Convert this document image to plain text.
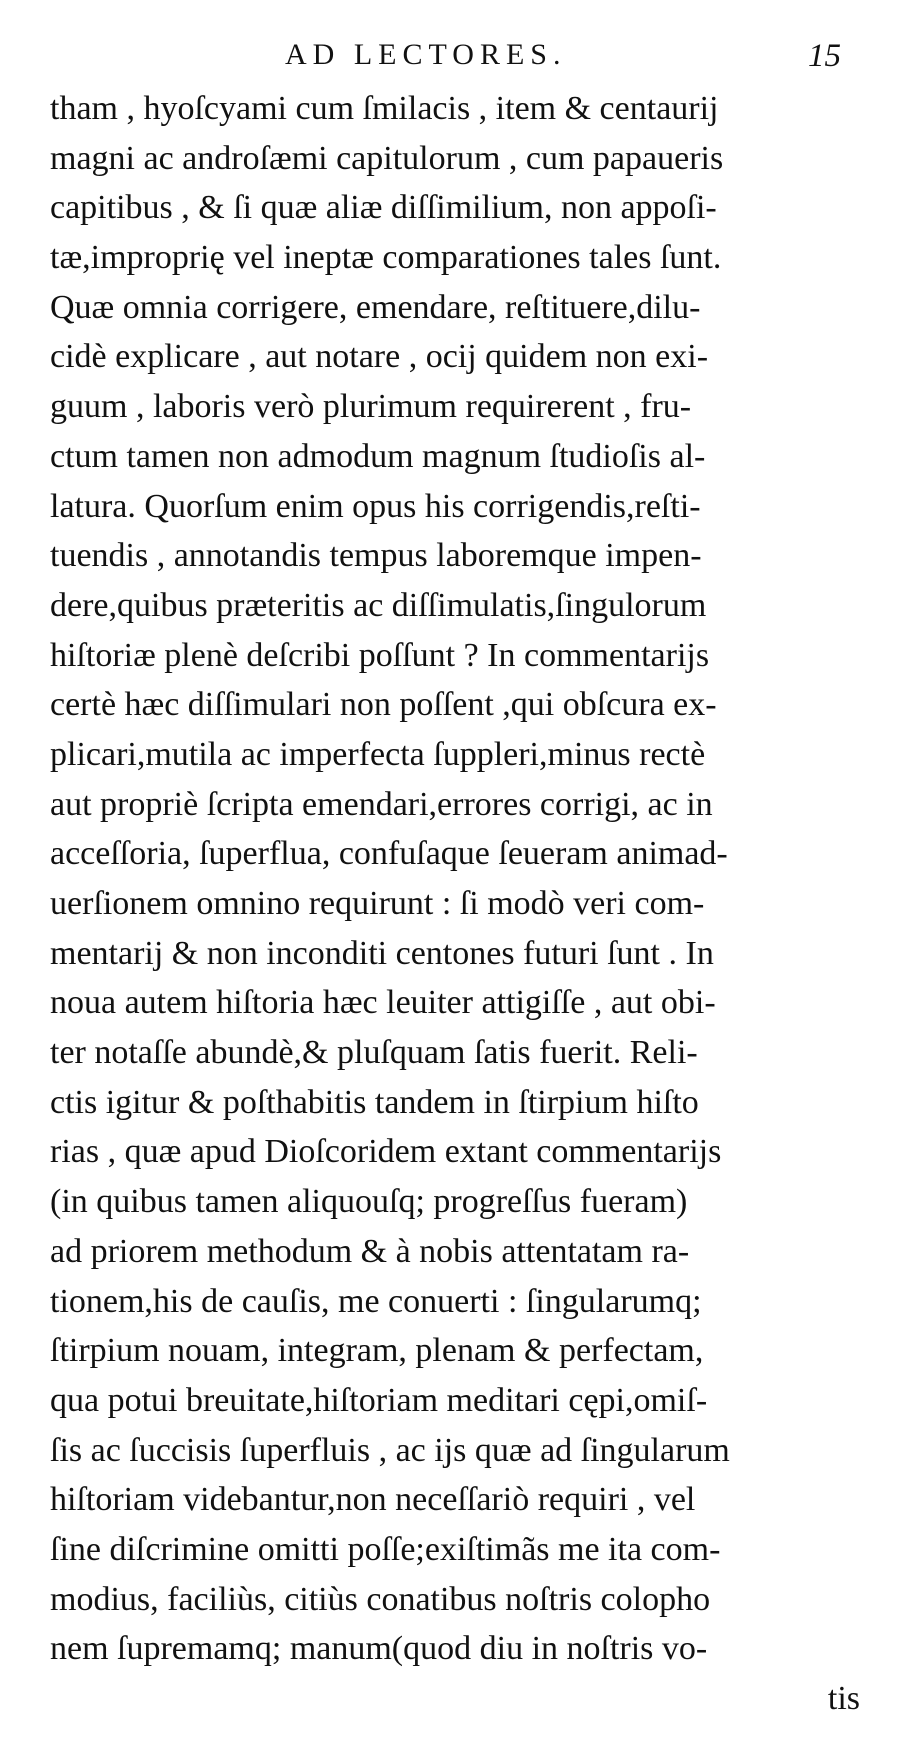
AD LECTORES.	15
tham , hyoſcyami cum ſmilacis , item & centaurij
magni ac androſæmi capitulorum , cum papaueris
capitibus , & ſi quæ aliæ diſſimilium, non appoſi-
tæ,improprię vel ineptæ comparationes tales ſunt.
Quæ omnia corrigere, emendare, reſtituere,dilu-
cidè explicare , aut notare , ocij quidem non exi-
guum , laboris verò plurimum requirerent , fru-
ctum tamen non admodum magnum ſtudioſis al-
latura. Quorſum enim opus his corrigendis,reſti-
tuendis , annotandis tempus laboremque impen-
dere,quibus præteritis ac diſſimulatis,ſingulorum
hiſtoriæ plenè deſcribi poſſunt ? In commentarijs
certè hæc diſſimulari non poſſent ,qui obſcura ex-
plicari,mutila ac imperfecta ſuppleri,minus rectè
aut propriè ſcripta emendari,errores corrigi, ac in
acceſſoria, ſuperflua, confuſaque ſeueram animad-
uerſionem omnino requirunt : ſi modò veri com-
mentarij & non inconditi centones futuri ſunt . In
noua autem hiſtoria hæc leuiter attigiſſe , aut obi-
ter notaſſe abundè,& pluſquam ſatis fuerit. Reli-
ctis igitur & poſthabitis tandem in ſtirpium hiſto
rias , quæ apud Dioſcoridem extant commentarijs
(in quibus tamen aliquouſq; progreſſus fueram)
ad priorem methodum & à nobis attentatam ra-
tionem,his de cauſis, me conuerti : ſingularumq;
ſtirpium nouam, integram, plenam & perfectam,
qua potui breuitate,hiſtoriam meditari cępi,omiſ-
ſis ac ſuccisis ſuperfluis , ac ijs quæ ad ſingularum
hiſtoriam videbantur,non neceſſariò requiri , vel
ſine diſcrimine omitti poſſe;exiſtimãs me ita com-
modius, faciliùs, citiùs conatibus noſtris colopho
nem ſupremamq; manum(quod diu in noſtris vo-
tis
